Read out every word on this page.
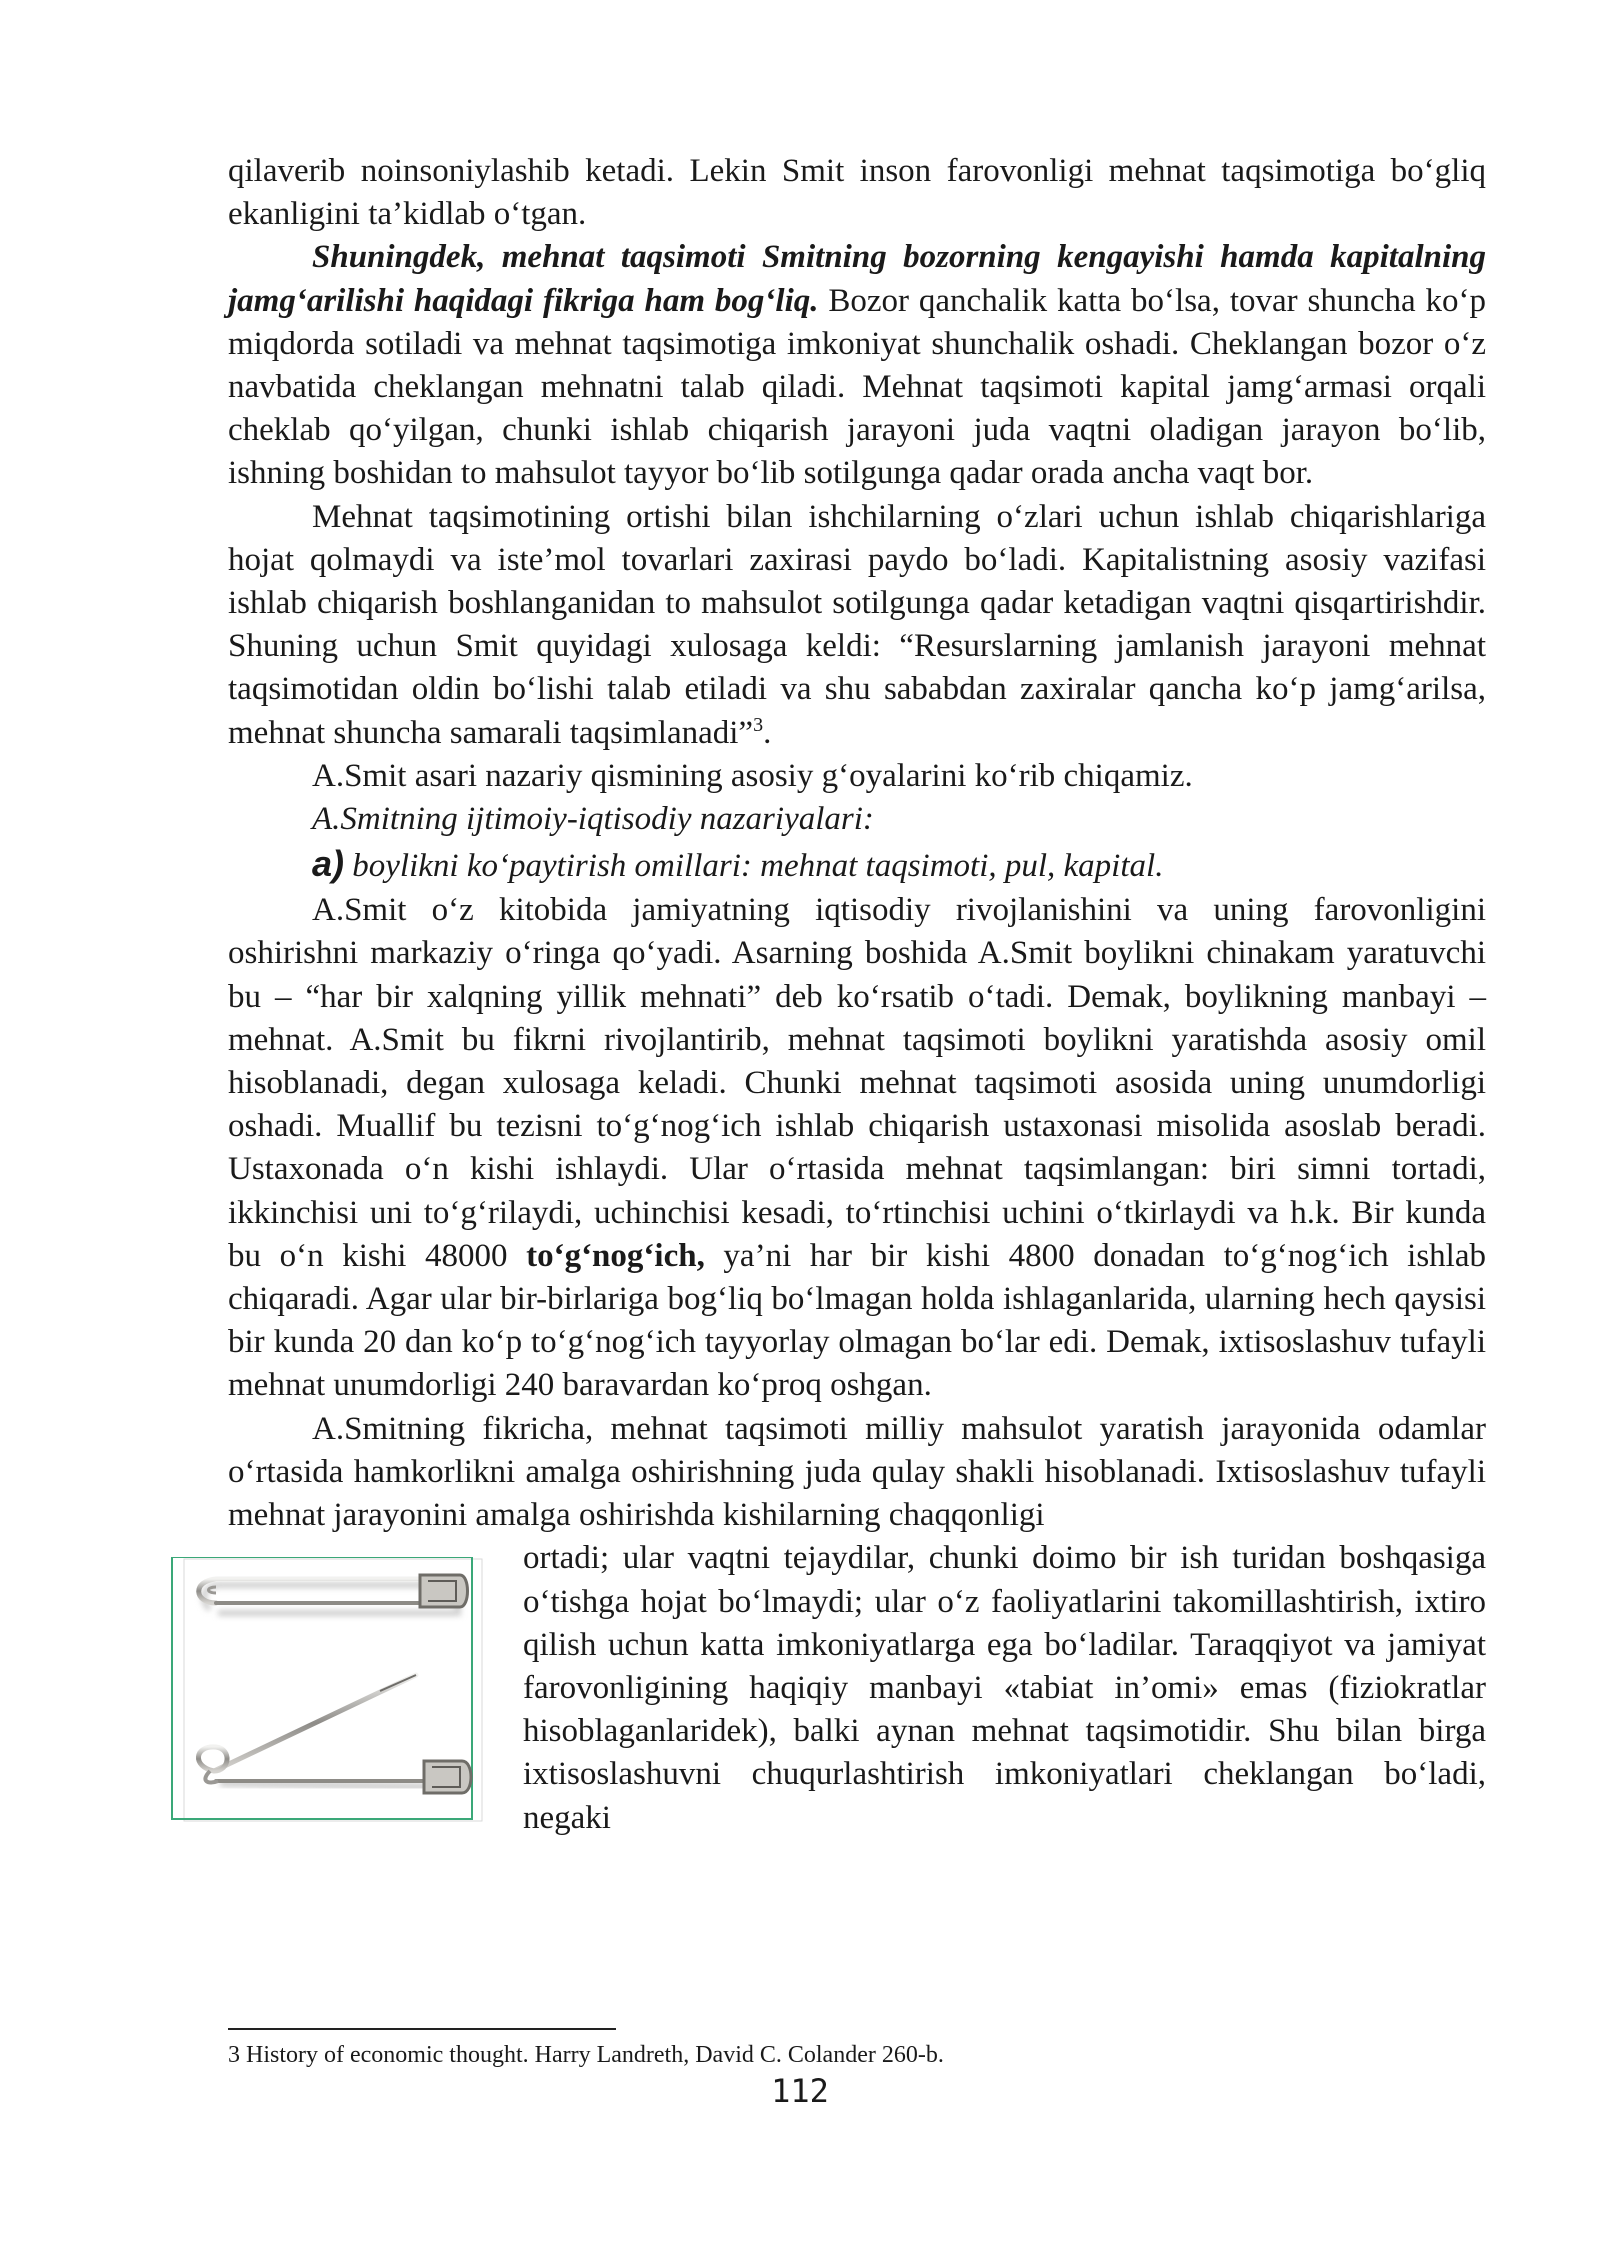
qilaverib noinsoniylashib ketadi. Lekin Smit inson farovonligi mehnat taqsimotiga bo‘gliq ekanligini ta’kidlab o‘tgan.

Shuningdek, mehnat taqsimoti Smitning bozorning kengayishi hamda kapitalning jamg‘arilishi haqidagi fikriga ham bog‘liq. Bozor qanchalik katta bo‘lsa, tovar shuncha ko‘p miqdorda sotiladi va mehnat taqsimotiga imkoniyat shunchalik oshadi. Cheklangan bozor o‘z navbatida cheklangan mehnatni talab qiladi. Mehnat taqsimoti kapital jamg‘armasi orqali cheklab qo‘yilgan, chunki ishlab chiqarish jarayoni juda vaqtni oladigan jarayon bo‘lib, ishning boshidan to mahsulot tayyor bo‘lib sotilgunga qadar orada ancha vaqt bor.

Mehnat taqsimotining ortishi bilan ishchilarning o‘zlari uchun ishlab chiqarishlariga hojat qolmaydi va iste’mol tovarlari zaxirasi paydo bo‘ladi. Kapitalistning asosiy vazifasi ishlab chiqarish boshlanganidan to mahsulot sotilgunga qadar ketadigan vaqtni qisqartirishdir. Shuning uchun Smit quyidagi xulosaga keldi: “Resurslarning jamlanish jarayoni mehnat taqsimotidan oldin bo‘lishi talab etiladi va shu sababdan zaxiralar qancha ko‘p jamg‘arilsa, mehnat shuncha samarali taqsimlanadi”$^3$.

A.Smit asari nazariy qismining asosiy g‘oyalarini ko‘rib chiqamiz.

A.Smitning ijtimoiy-iqtisodiy nazariyalari:

a) boylikni ko‘paytirish omillari: mehnat taqsimoti, pul, kapital.

A.Smit o‘z kitobida jamiyatning iqtisodiy rivojlanishini va uning farovonligini oshirishni markaziy o‘ringa qo‘yadi. Asarning boshida A.Smit boylikni chinakam yaratuvchi bu – “har bir xalqning yillik mehnati” deb ko‘rsatib o‘tadi. Demak, boylikning manbayi – mehnat. A.Smit bu fikrni rivojlantirib, mehnat taqsimoti boylikni yaratishda asosiy omil hisoblanadi, degan xulosaga keladi. Chunki mehnat taqsimoti asosida uning unumdorligi oshadi. Muallif bu tezisni to‘g‘nog‘ich ishlab chiqarish ustaxonasi misolida asoslab beradi. Ustaxonada o‘n kishi ishlaydi. Ular o‘rtasida mehnat taqsimlangan: biri simni tortadi, ikkinchisi uni to‘g‘rilaydi, uchinchisi kesadi, to‘rtinchisi uchini o‘tkirlaydi va h.k. Bir kunda bu o‘n kishi 48000 to‘g‘nog‘ich, ya’ni har bir kishi 4800 donadan to‘g‘nog‘ich ishlab chiqaradi. Agar ular bir-birlariga bog‘liq bo‘lmagan holda ishlaganlarida, ularning hech qaysisi bir kunda 20 dan ko‘p to‘g‘nog‘ich tayyorlay olmagan bo‘lar edi. Demak, ixtisoslashuv tufayli mehnat unumdorligi 240 baravardan ko‘proq oshgan.

A.Smitning fikricha, mehnat taqsimoti milliy mahsulot yaratish jarayonida odamlar o‘rtasida hamkorlikni amalga oshirishning juda qulay shakli hisoblanadi. Ixtisoslashuv tufayli mehnat jarayonini amalga oshirishda kishilarning chaqqonligi

ortadi; ular vaqtni tejaydilar, chunki doimo bir ish turidan boshqasiga o‘tishga hojat bo‘lmaydi; ular o‘z faoliyatlarini takomillashtirish, ixtiro qilish uchun katta imkoniyatlarga ega bo‘ladilar. Taraqqiyot va jamiyat farovonligining haqiqiy manbayi «tabiat in’omi» emas (fiziokratlar hisoblaganlaridek), balki aynan mehnat taqsimotidir. Shu bilan birga ixtisoslashuvni chuqurlashtirish imkoniyatlari cheklangan bo‘ladi, negaki

3 History of economic thought. Harry Landreth, David C. Colander 260-b.
112
